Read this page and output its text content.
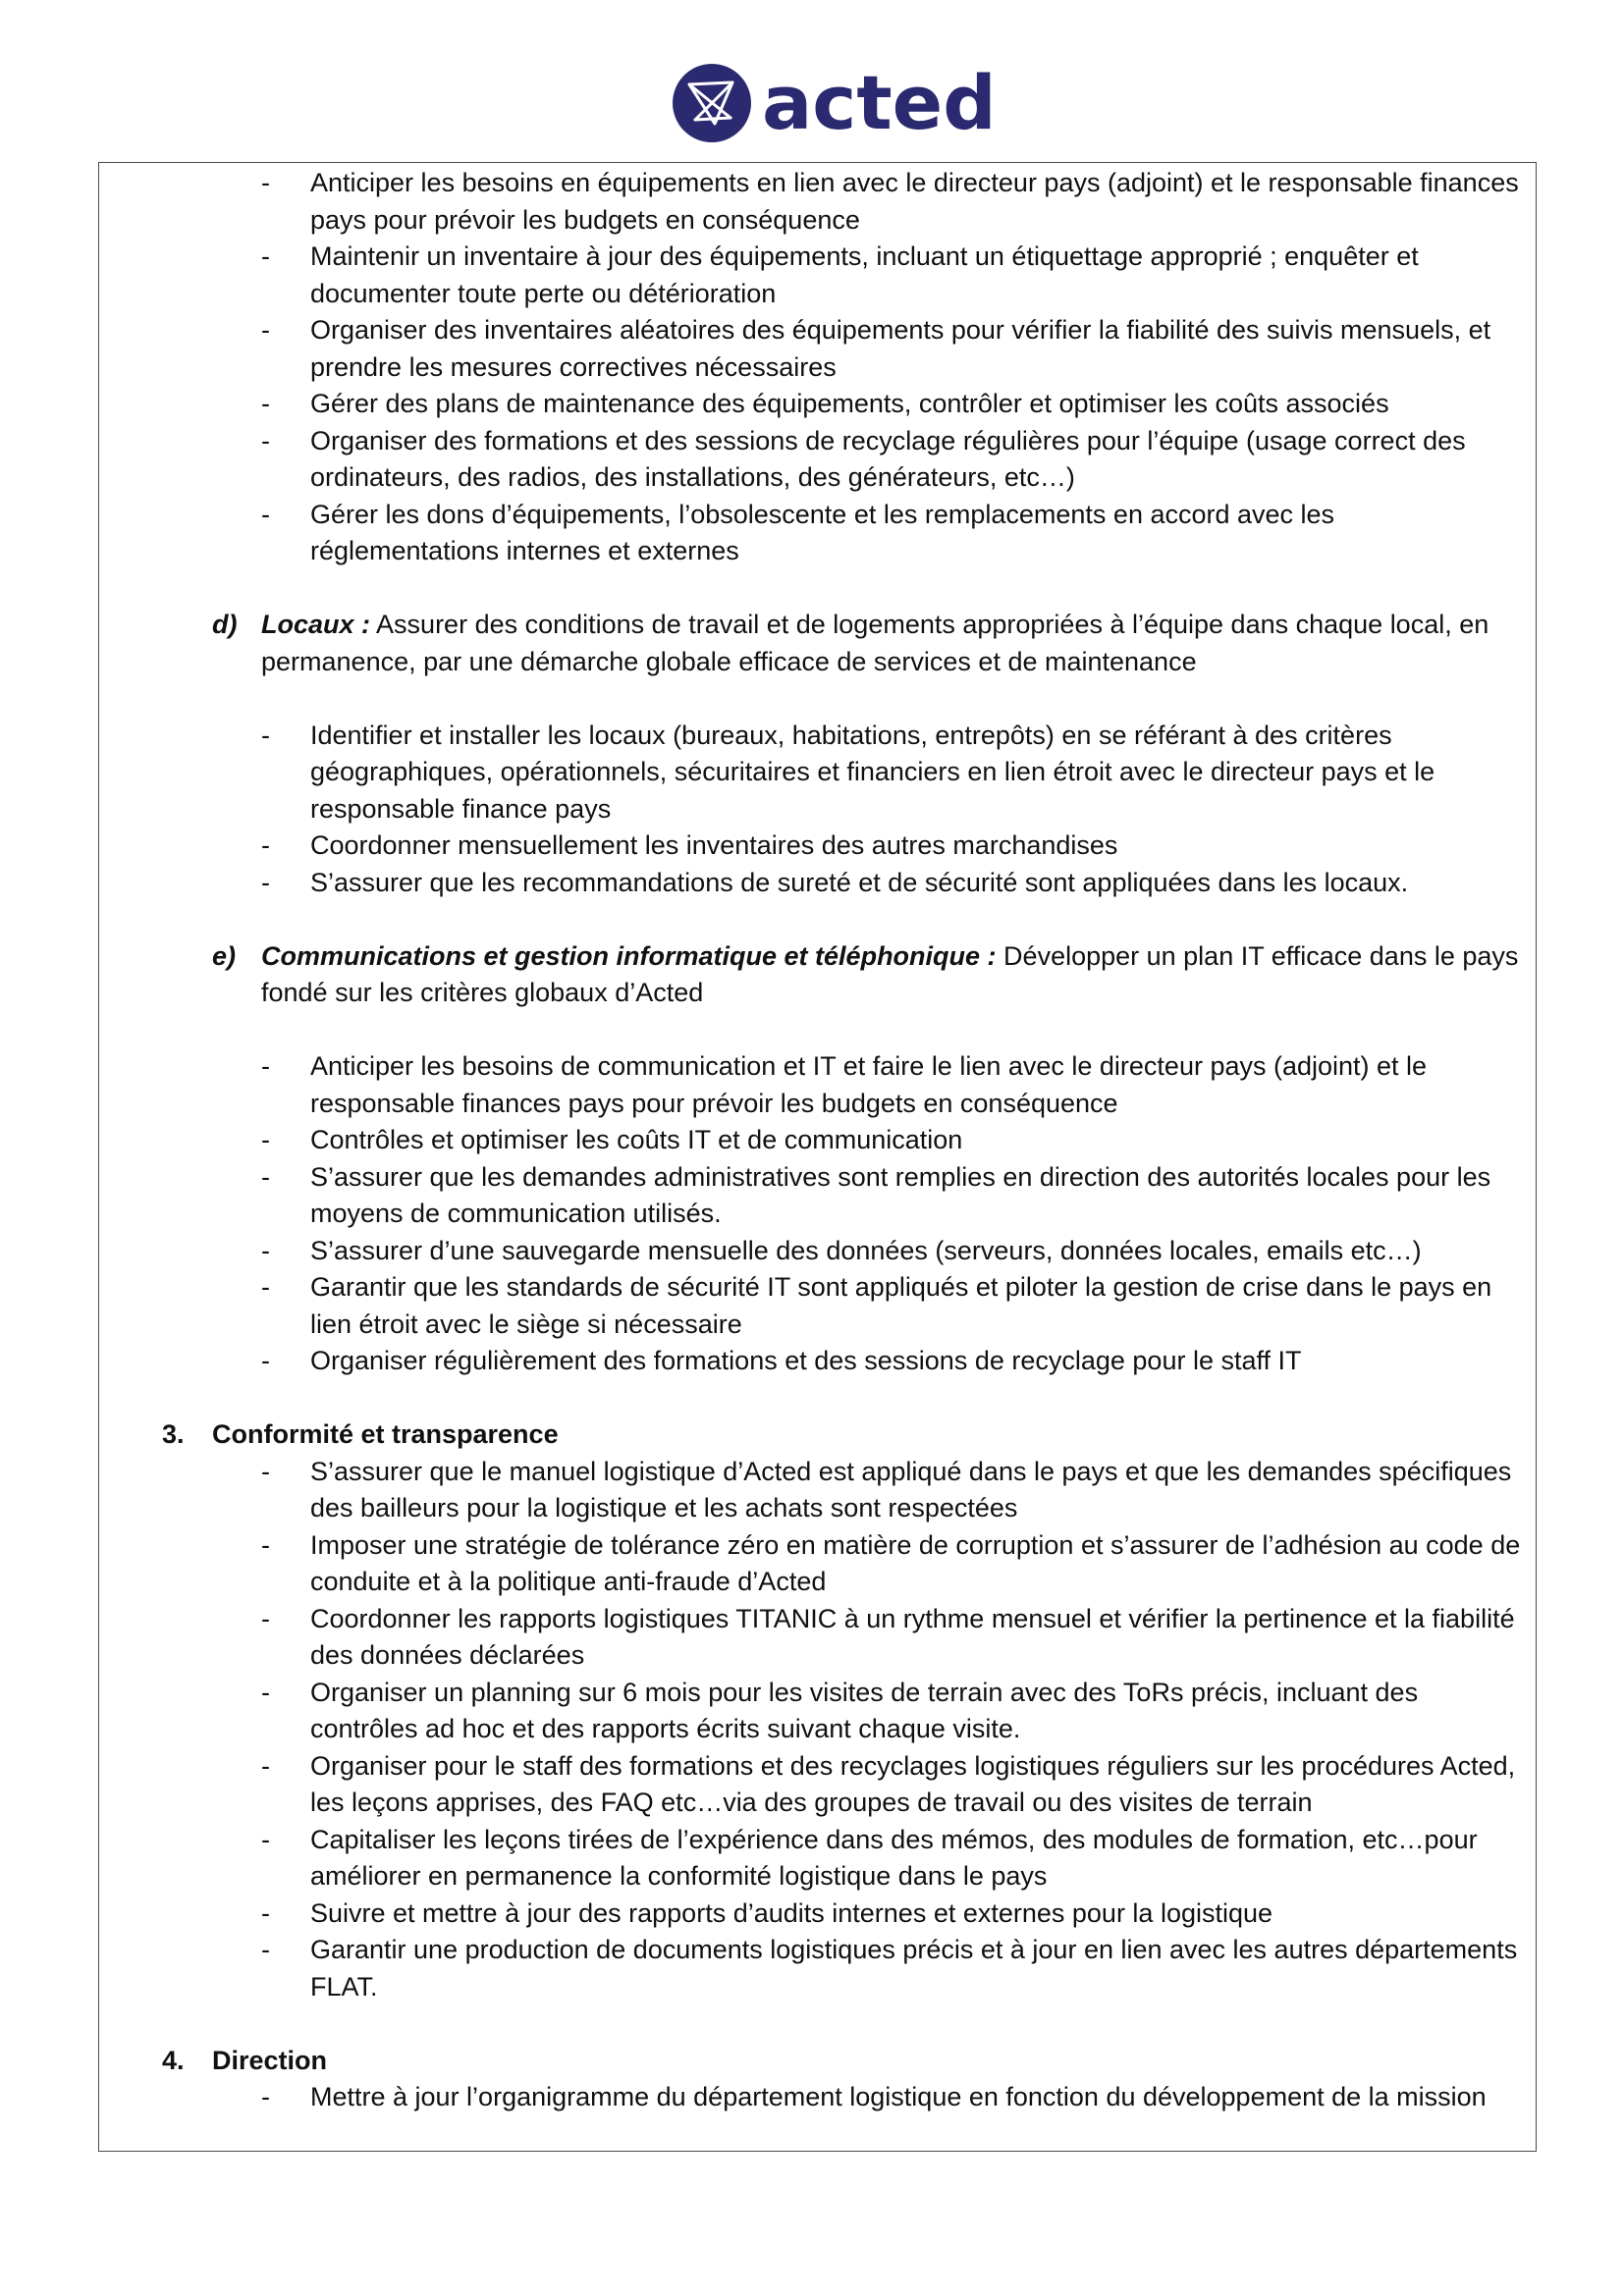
acted
- Anticiper les besoins en équipements en lien avec le directeur pays (adjoint) et le responsable finances pays pour prévoir les budgets en conséquence
- Maintenir un inventaire à jour des équipements, incluant un étiquettage approprié ; enquêter et documenter toute perte ou détérioration
- Organiser des inventaires aléatoires des équipements pour vérifier la fiabilité des suivis mensuels, et prendre les mesures correctives nécessaires
- Gérer des plans de maintenance des équipements, contrôler et optimiser les coûts associés
- Organiser des formations et des sessions de recyclage régulières pour l’équipe (usage correct des ordinateurs, des radios, des installations, des générateurs, etc…)
- Gérer les dons d’équipements, l’obsolescente et les remplacements en accord avec les réglementations internes et externes
d) Locaux : Assurer des conditions de travail et de logements appropriées à l’équipe dans chaque local, en permanence, par une démarche globale efficace de services et de maintenance
- Identifier et installer les locaux (bureaux, habitations, entrepôts) en se référant à des critères géographiques, opérationnels, sécuritaires et financiers en lien étroit avec le directeur pays et le responsable finance pays
- Coordonner mensuellement les inventaires des autres marchandises
- S’assurer que les recommandations de sureté et de sécurité sont appliquées dans les locaux.
e) Communications et gestion informatique et téléphonique : Développer un plan IT efficace dans le pays fondé sur les critères globaux d’Acted
- Anticiper les besoins de communication et IT et faire le lien avec le directeur pays (adjoint) et le responsable finances pays pour prévoir les budgets en conséquence
- Contrôles et optimiser les coûts IT et de communication
- S’assurer que les demandes administratives sont remplies en direction des autorités locales pour les moyens de communication utilisés.
- S’assurer d’une sauvegarde mensuelle des données (serveurs, données locales, emails etc…)
- Garantir que les standards de sécurité IT sont appliqués et piloter la gestion de crise dans le pays en lien étroit avec le siège si nécessaire
- Organiser régulièrement des formations et des sessions de recyclage pour le staff IT
3. Conformité et transparence
- S’assurer que le manuel logistique d’Acted est appliqué dans le pays et que les demandes spécifiques des bailleurs pour la logistique et les achats sont respectées
- Imposer une stratégie de tolérance zéro en matière de corruption et s’assurer de l’adhésion au code de conduite et à la politique anti-fraude d’Acted
- Coordonner les rapports logistiques TITANIC à un rythme mensuel et vérifier la pertinence et la fiabilité des données déclarées
- Organiser un planning sur 6 mois pour les visites de terrain avec des ToRs précis, incluant des contrôles ad hoc et des rapports écrits suivant chaque visite.
- Organiser pour le staff des formations et des recyclages logistiques réguliers sur les procédures Acted, les leçons apprises, des FAQ etc…via des groupes de travail ou des visites de terrain
- Capitaliser les leçons tirées de l’expérience dans des mémos, des modules de formation, etc…pour améliorer en permanence la conformité logistique dans le pays
- Suivre et mettre à jour des rapports d’audits internes et externes pour la logistique
- Garantir une production de documents logistiques précis et à jour en lien avec les autres départements FLAT.
4. Direction
- Mettre à jour l’organigramme du département logistique en fonction du développement de la mission
